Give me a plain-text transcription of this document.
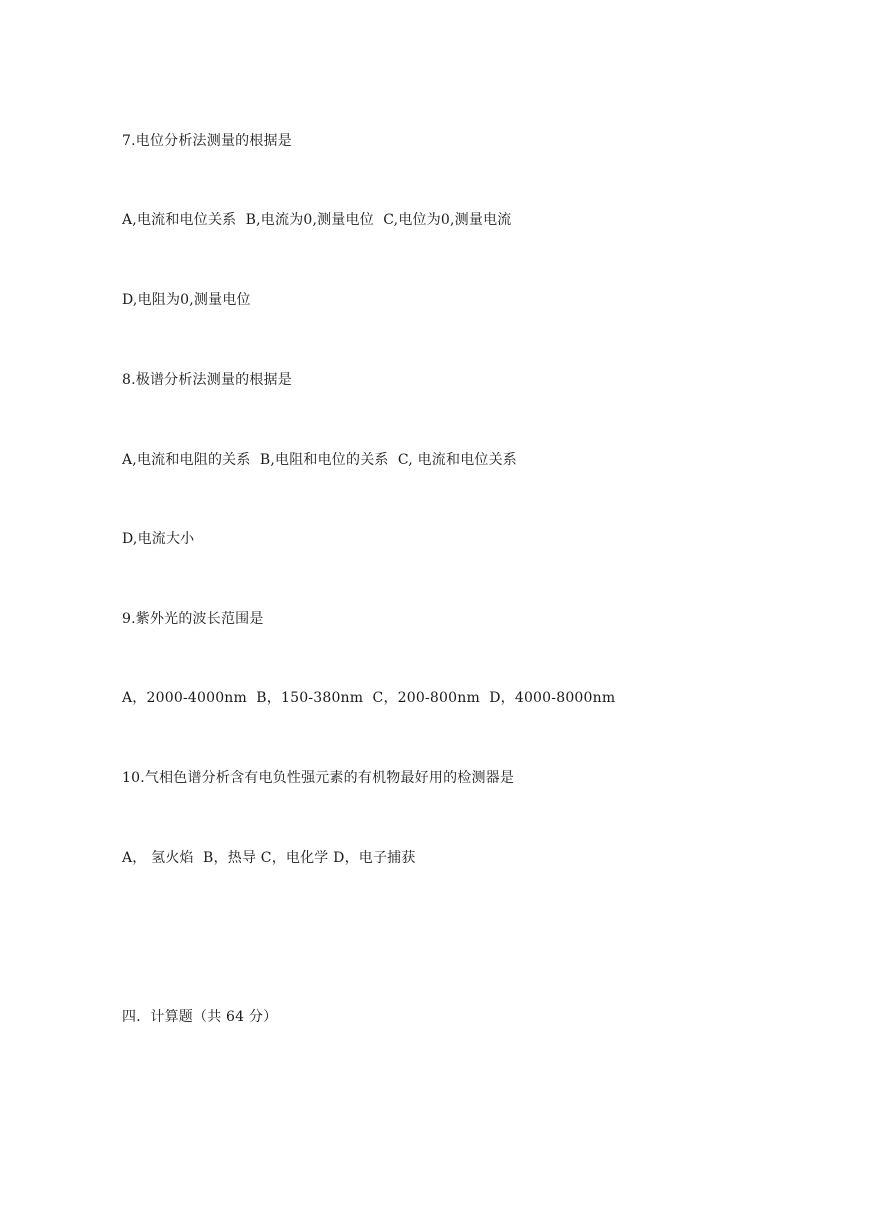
7.电位分析法测量的根据是
A,电流和电位关系  B,电流为0,测量电位  C,电位为0,测量电流
D,电阻为0,测量电位
8.极谱分析法测量的根据是
A,电流和电阻的关系  B,电阻和电位的关系  C, 电流和电位关系
D,电流大小
9.紫外光的波长范围是
A，2000-4000nm  B，150-380nm  C，200-800nm  D，4000-8000nm
10.气相色谱分析含有电负性强元素的有机物最好用的检测器是
A， 氢火焰  B，热导 C，电化学 D，电子捕获
四．计算题（共 64 分）
